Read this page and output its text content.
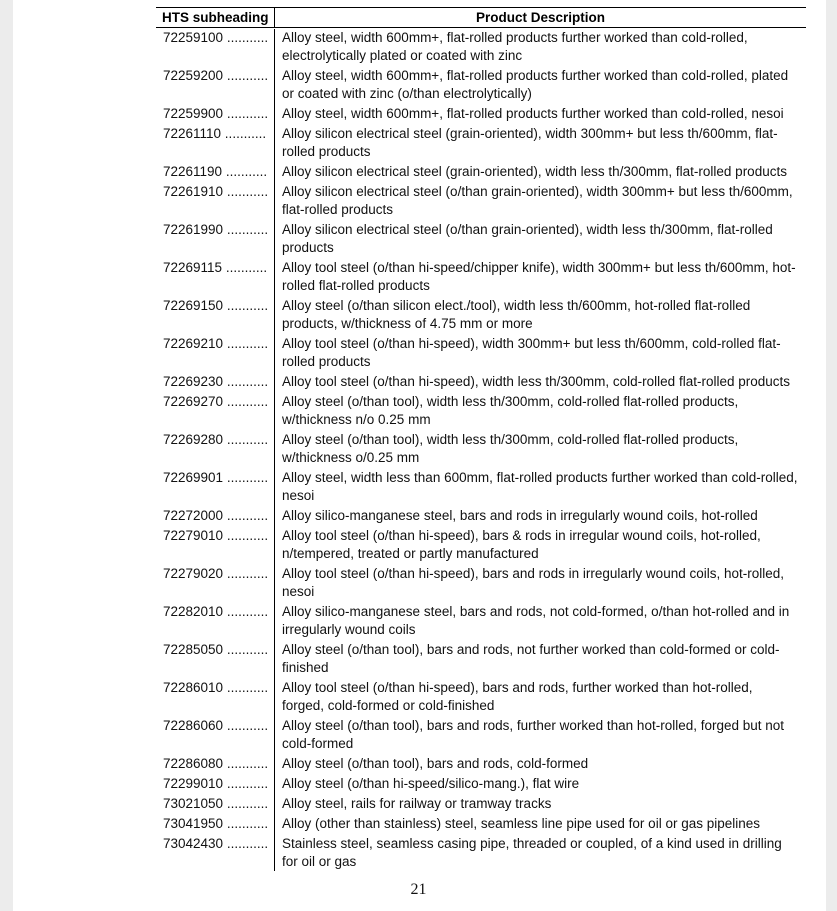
HTS subheading	Product Description
72259100 ...........	Alloy steel, width 600mm+, flat-rolled products further worked than cold-rolled, electrolytically plated or coated with zinc
72259200 ...........	Alloy steel, width 600mm+, flat-rolled products further worked than cold-rolled, plated or coated with zinc (o/than electrolytically)
72259900 ...........	Alloy steel, width 600mm+, flat-rolled products further worked than cold-rolled, nesoi
72261110 ...........	Alloy silicon electrical steel (grain-oriented), width 300mm+ but less th/600mm, flat-rolled products
72261190 ...........	Alloy silicon electrical steel (grain-oriented), width less th/300mm, flat-rolled products
72261910 ...........	Alloy silicon electrical steel (o/than grain-oriented), width 300mm+ but less th/600mm, flat-rolled products
72261990 ...........	Alloy silicon electrical steel (o/than grain-oriented), width less th/300mm, flat-rolled products
72269115 ...........	Alloy tool steel (o/than hi-speed/chipper knife), width 300mm+ but less th/600mm, hot-rolled flat-rolled products
72269150 ...........	Alloy steel (o/than silicon elect./tool), width less th/600mm, hot-rolled flat-rolled products, w/thickness of 4.75 mm or more
72269210 ...........	Alloy tool steel (o/than hi-speed), width 300mm+ but less th/600mm, cold-rolled flat-rolled products
72269230 ...........	Alloy tool steel (o/than hi-speed), width less th/300mm, cold-rolled flat-rolled products
72269270 ...........	Alloy steel (o/than tool), width less th/300mm, cold-rolled flat-rolled products, w/thickness n/o 0.25 mm
72269280 ...........	Alloy steel (o/than tool), width less th/300mm, cold-rolled flat-rolled products, w/thickness o/0.25 mm
72269901 ...........	Alloy steel, width less than 600mm, flat-rolled products further worked than cold-rolled, nesoi
72272000 ...........	Alloy silico-manganese steel, bars and rods in irregularly wound coils, hot-rolled
72279010 ...........	Alloy tool steel (o/than hi-speed), bars & rods in irregular wound coils, hot-rolled, n/tempered, treated or partly manufactured
72279020 ...........	Alloy tool steel (o/than hi-speed), bars and rods in irregularly wound coils, hot-rolled, nesoi
72282010 ...........	Alloy silico-manganese steel, bars and rods, not cold-formed, o/than hot-rolled and in irregularly wound coils
72285050 ...........	Alloy steel (o/than tool), bars and rods, not further worked than cold-formed or cold-finished
72286010 ...........	Alloy tool steel (o/than hi-speed), bars and rods, further worked than hot-rolled, forged, cold-formed or cold-finished
72286060 ...........	Alloy steel (o/than tool), bars and rods, further worked than hot-rolled, forged but not cold-formed
72286080 ...........	Alloy steel (o/than tool), bars and rods, cold-formed
72299010 ...........	Alloy steel (o/than hi-speed/silico-mang.), flat wire
73021050 ...........	Alloy steel, rails for railway or tramway tracks
73041950 ...........	Alloy (other than stainless) steel, seamless line pipe used for oil or gas pipelines
73042430 ...........	Stainless steel, seamless casing pipe, threaded or coupled, of a kind used in drilling for oil or gas
21
